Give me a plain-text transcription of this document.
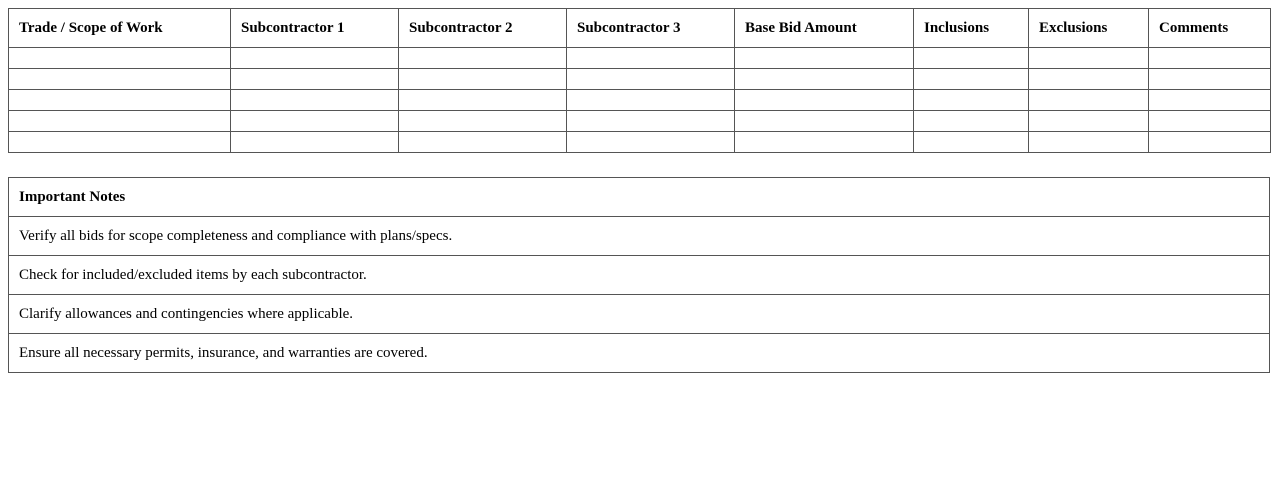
Trade / Scope of Work	Subcontractor 1	Subcontractor 2	Subcontractor 3	Base Bid Amount	Inclusions	Exclusions	Comments

Important Notes
Verify all bids for scope completeness and compliance with plans/specs.
Check for included/excluded items by each subcontractor.
Clarify allowances and contingencies where applicable.
Ensure all necessary permits, insurance, and warranties are covered.
